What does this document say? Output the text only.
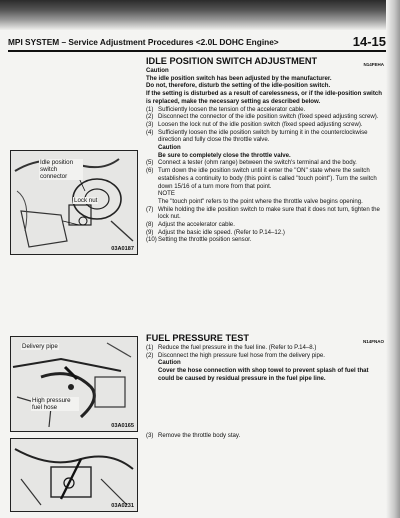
MPI SYSTEM – Service Adjustment Procedures <2.0L DOHC Engine>	14-15
Idle position switch connector
Lock nut
03A0187
Delivery pipe
High pressure fuel hose
03A0165
03A0231
IDLE POSITION SWITCH ADJUSTMENT	N14FEHA
Caution
The idle position switch has been adjusted by the manufacturer.
Do not, therefore, disturb the setting of the idle-position switch.
If the setting is disturbed as a result of carelessness, or if the idle-position switch is replaced, make the necessary setting as described below.
(1) Sufficiently loosen the tension of the accelerator cable.
(2) Disconnect the connector of the idle position switch (fixed speed adjusting screw).
(3) Loosen the lock nut of the idle position switch (fixed speed adjusting screw).
(4) Sufficiently loosen the idle position switch by turning it in the counterclockwise direction and fully close the throttle valve.
Caution
Be sure to completely close the throttle valve.
(5) Connect a tester (ohm range) between the switch's terminal and the body.
(6) Turn down the idle position switch until it enter the "ON" state where the switch establishes a continuity to body (this point is called "touch point"). Turn the switch down 15/16 of a turn more from that point.
NOTE
The "touch point" refers to the point where the throttle valve begins opening.
(7) While holding the idle position switch to make sure that it does not turn, tighten the lock nut.
(8) Adjust the accelerator cable.
(9) Adjust the basic idle speed. (Refer to P.14–12.)
(10) Setting the throttle position sensor.
FUEL PRESSURE TEST	N14FNAO
(1) Reduce the fuel pressure in the fuel line. (Refer to P.14–8.)
(2) Disconnect the high pressure fuel hose from the delivery pipe.
Caution
Cover the hose connection with shop towel to prevent splash of fuel that could be caused by residual pressure in the fuel pipe line.
(3) Remove the throttle body stay.
